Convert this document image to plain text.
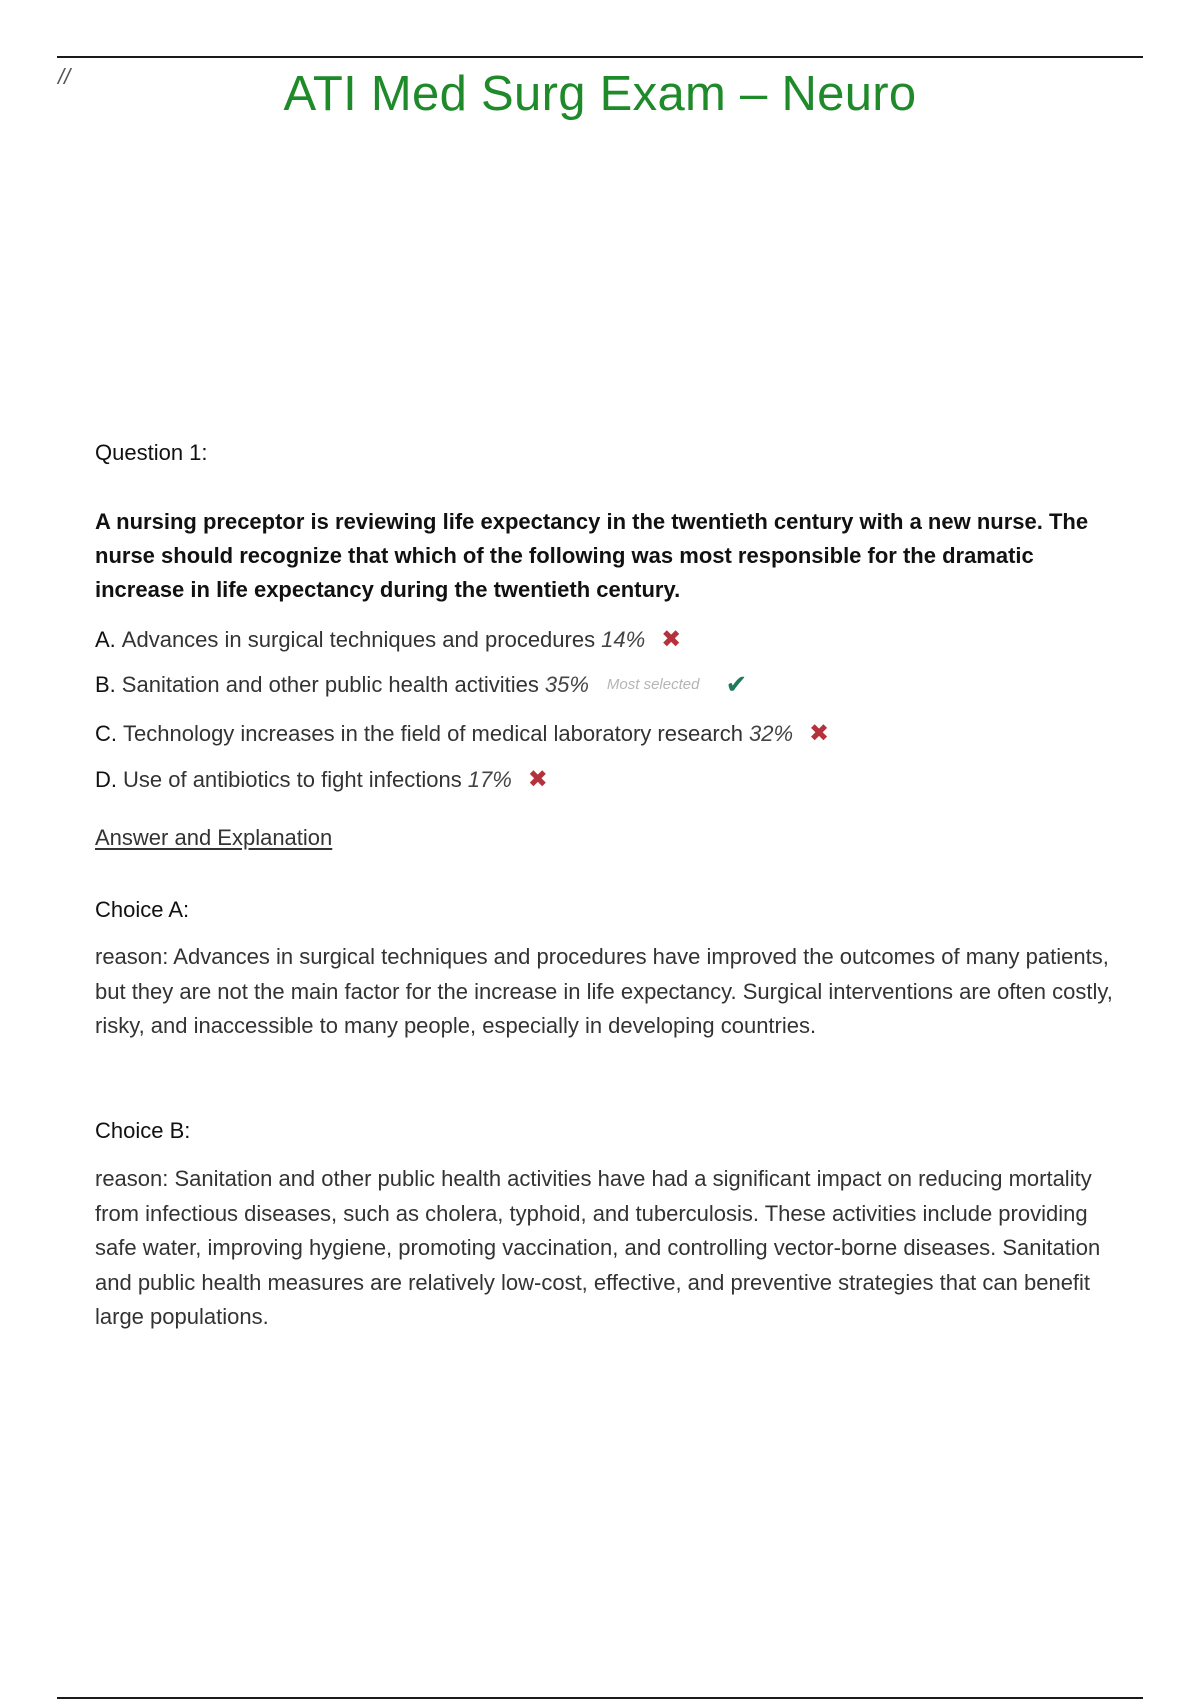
//	ATI Med Surg Exam – Neuro
Question 1:
A nursing preceptor is reviewing life expectancy in the twentieth century with a new nurse. The nurse should recognize that which of the following was most responsible for the dramatic increase in life expectancy during the twentieth century.
A. Advances in surgical techniques and procedures 14% ✖
B. Sanitation and other public health activities 35% Most selected ✔
C. Technology increases in the field of medical laboratory research 32% ✖
D. Use of antibiotics to fight infections 17% ✖
Answer and Explanation
Choice A:
reason: Advances in surgical techniques and procedures have improved the outcomes of many patients, but they are not the main factor for the increase in life expectancy. Surgical interventions are often costly, risky, and inaccessible to many people, especially in developing countries.
Choice B:
reason: Sanitation and other public health activities have had a significant impact on reducing mortality from infectious diseases, such as cholera, typhoid, and tuberculosis. These activities include providing safe water, improving hygiene, promoting vaccination, and controlling vector-borne diseases. Sanitation and public health measures are relatively low-cost, effective, and preventive strategies that can benefit large populations.
